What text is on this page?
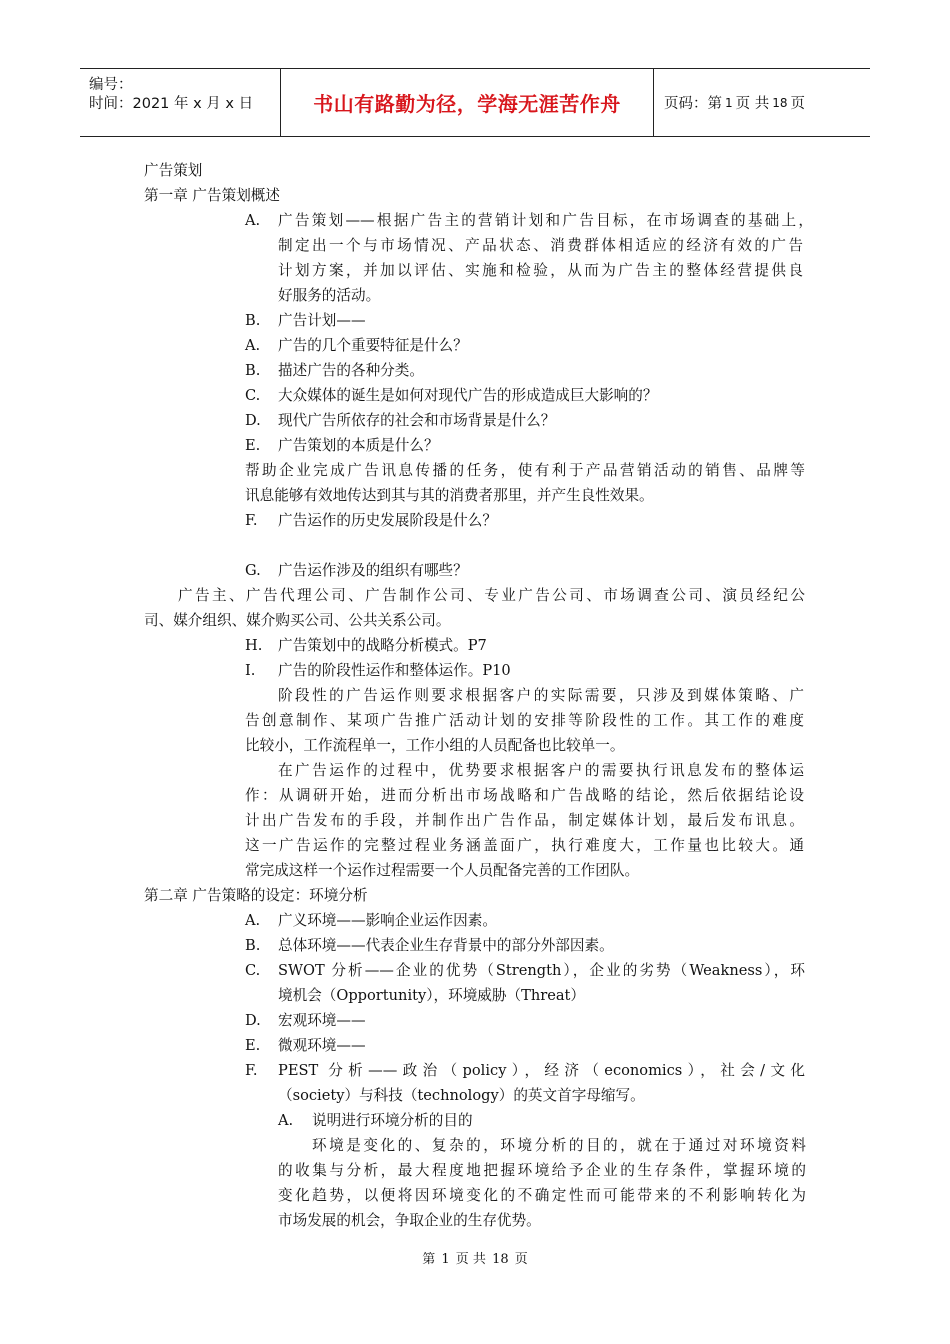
编号：
时间：2021 年 x 月 x 日	书山有路勤为径，学海无涯苦作舟	页码：第 1 页 共 18 页
广告策划
第一章 广告策划概述
A. 广告策划——根据广告主的营销计划和广告目标，在市场调查的基础上，
制定出一个与市场情况、产品状态、消费群体相适应的经济有效的广告
计划方案，并加以评估、实施和检验，从而为广告主的整体经营提供良
好服务的活动。
B. 广告计划——
A. 广告的几个重要特征是什么？
B. 描述广告的各种分类。
C. 大众媒体的诞生是如何对现代广告的形成造成巨大影响的？
D. 现代广告所依存的社会和市场背景是什么？
E. 广告策划的本质是什么？
帮助企业完成广告讯息传播的任务，使有利于产品营销活动的销售、品牌等
讯息能够有效地传达到其与其的消费者那里，并产生良性效果。
F. 广告运作的历史发展阶段是什么？
G. 广告运作涉及的组织有哪些？
广告主、广告代理公司、广告制作公司、专业广告公司、市场调查公司、演员经纪公
司、媒介组织、媒介购买公司、公共关系公司。
H. 广告策划中的战略分析模式。P7
I. 广告的阶段性运作和整体运作。P10
阶段性的广告运作则要求根据客户的实际需要，只涉及到媒体策略、广
告创意制作、某项广告推广活动计划的安排等阶段性的工作。其工作的难度
比较小，工作流程单一，工作小组的人员配备也比较单一。
在广告运作的过程中，优势要求根据客户的需要执行讯息发布的整体运
作：从调研开始，进而分析出市场战略和广告战略的结论，然后依据结论设
计出广告发布的手段，并制作出广告作品，制定媒体计划，最后发布讯息。
这一广告运作的完整过程业务涵盖面广，执行难度大，工作量也比较大。通
常完成这样一个运作过程需要一个人员配备完善的工作团队。
第二章 广告策略的设定：环境分析
A. 广义环境——影响企业运作因素。
B. 总体环境——代表企业生存背景中的部分外部因素。
C. SWOT 分析——企业的优势（Strength），企业的劣势（Weakness），环
境机会（Opportunity），环境威胁（Threat）
D. 宏观环境——
E. 微观环境——
F. PEST 分析——政治（policy），经济（economics），社会/文化
（society）与科技（technology）的英文首字母缩写。
A. 说明进行环境分析的目的
环境是变化的、复杂的，环境分析的目的，就在于通过对环境资料
的收集与分析，最大程度地把握环境给予企业的生存条件，掌握环境的
变化趋势，以便将因环境变化的不确定性而可能带来的不利影响转化为
市场发展的机会，争取企业的生存优势。
第 1 页 共 18 页
